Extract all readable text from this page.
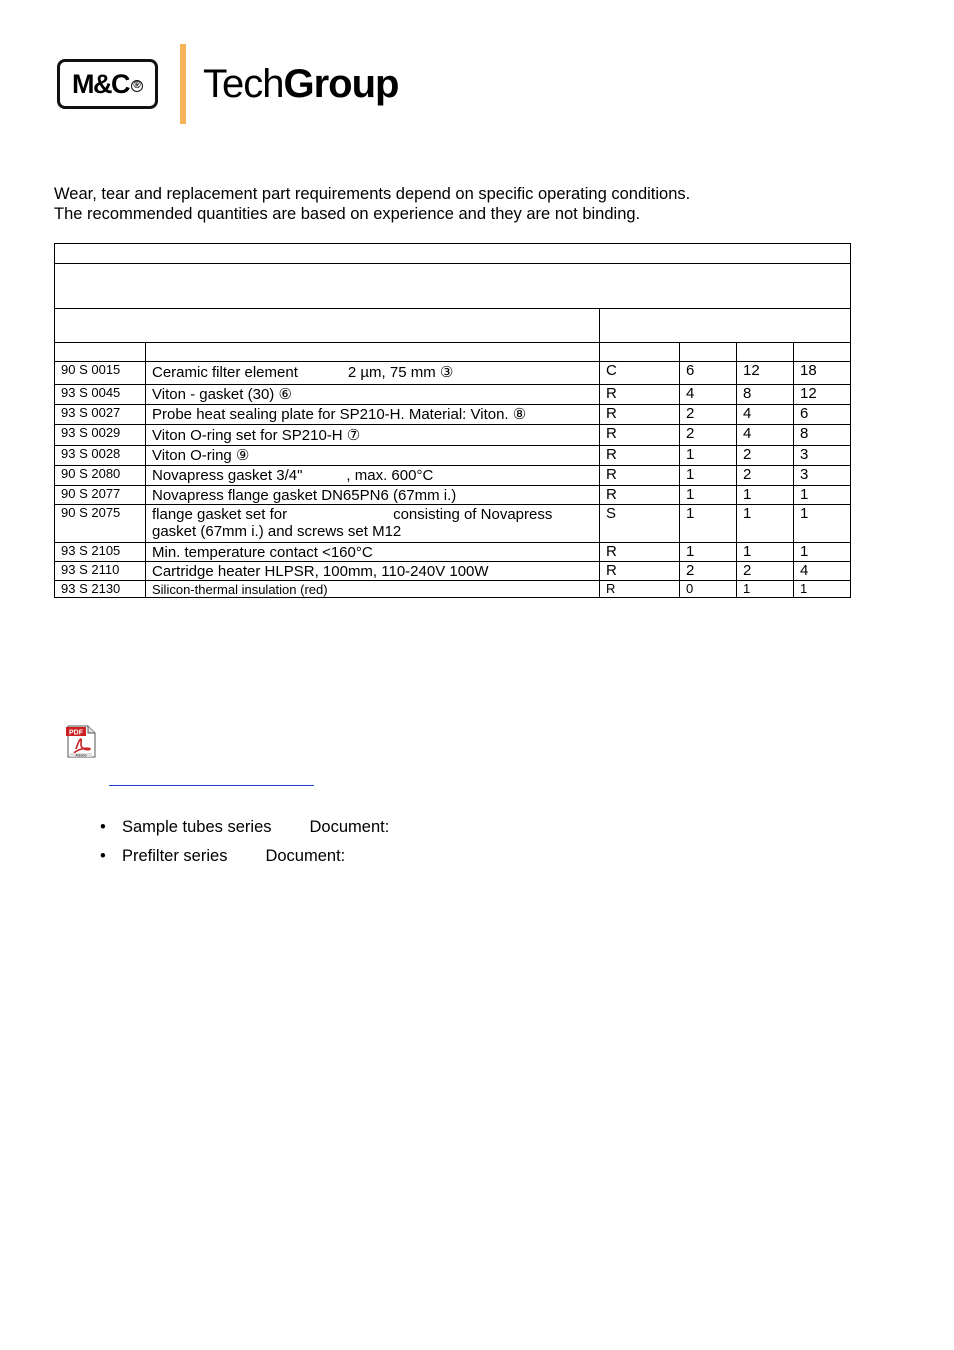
M&C ® TechGroup
Wear, tear and replacement part requirements depend on specific operating conditions.
The recommended quantities are based on experience and they are not binding.

90 S 0015	Ceramic filter element 2 µm, 75 mm ③	C	6	12	18
93 S 0045	Viton - gasket (30) ⑥	R	4	8	12
93 S 0027	Probe heat sealing plate for SP210-H. Material: Viton. ⑧	R	2	4	6
93 S 0029	Viton O-ring set for SP210-H ⑦	R	2	4	8
93 S 0028	Viton O-ring ⑨	R	1	2	3
90 S 2080	Novapress gasket 3/4" , max. 600°C	R	1	2	3
90 S 2077	Novapress flange gasket DN65PN6 (67mm i.)	R	1	1	1
90 S 2075	flange gasket set for consisting of Novapress
gasket (67mm i.) and screws set M12	S	1	1	1
93 S 2105	Min. temperature contact <160°C	R	1	1	1
93 S 2110	Cartridge heater HLPSR, 100mm, 110-240V 100W	R	2	2	4
93 S 2130	Silicon-thermal insulation (red)	R	0	1	1
PDF
Adobe
• Sample tubes series Document:
• Prefilter series Document:
